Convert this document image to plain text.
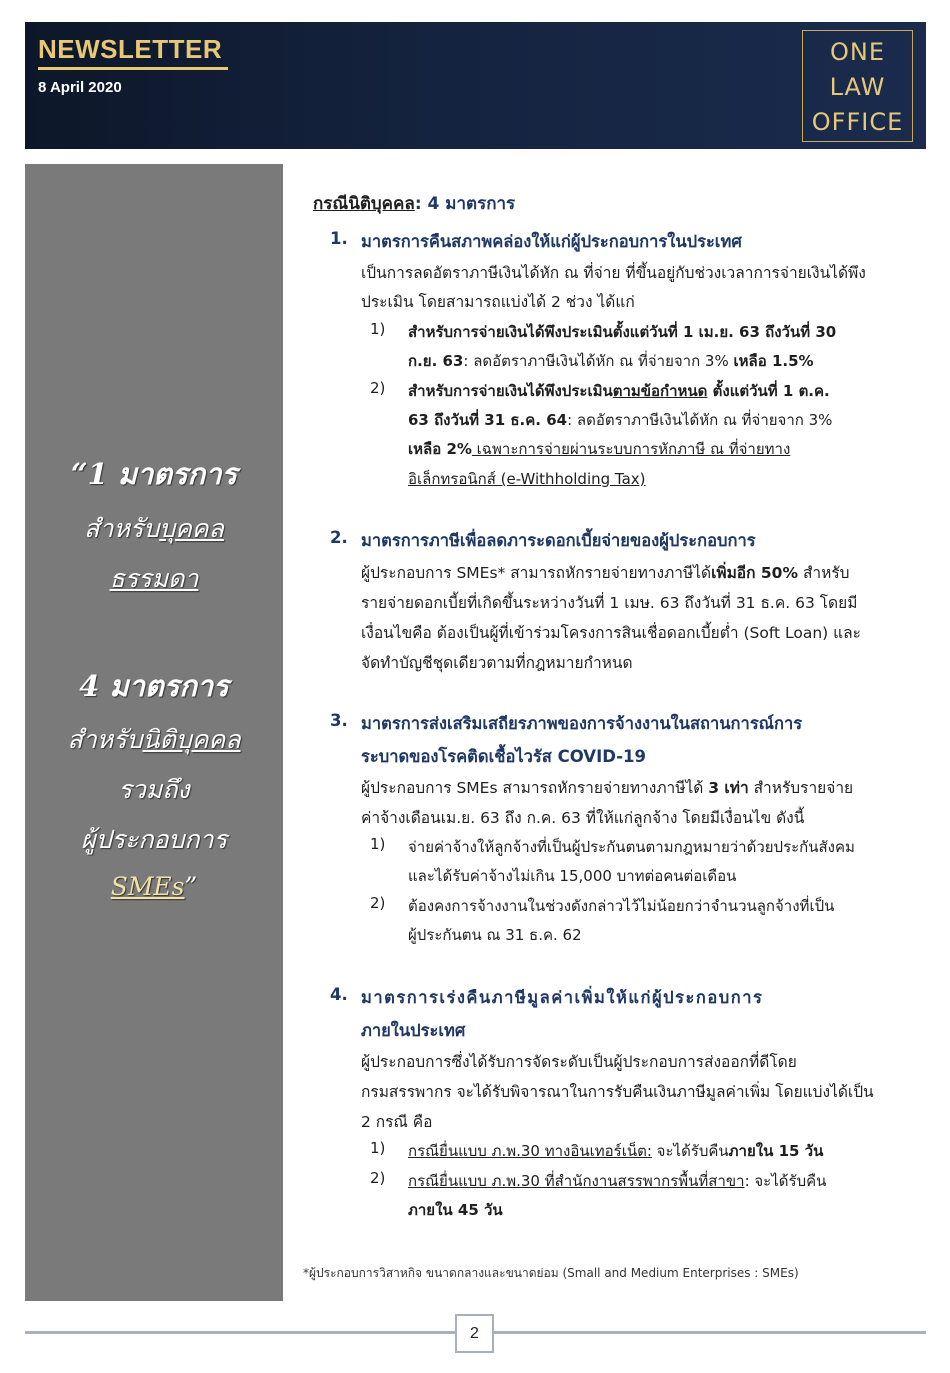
NEWSLETTER
8 April 2020
ONE
LAW
OFFICE
“1 มาตรการ
สำหรับบุคคล
ธรรมดา
4 มาตรการ
สำหรับนิติบุคคล
รวมถึง
ผู้ประกอบการ
SMEs”
กรณีนิติบุคคล: 4 มาตรการ
1. มาตรการคืนสภาพคล่องให้แก่ผู้ประกอบการในประเทศ
เป็นการลดอัตราภาษีเงินได้หัก ณ ที่จ่าย ที่ขึ้นอยู่กับช่วงเวลาการจ่ายเงินได้พึง
ประเมิน โดยสามารถแบ่งได้ 2 ช่วง ได้แก่
1) สำหรับการจ่ายเงินได้พึงประเมินตั้งแต่วันที่ 1 เม.ย. 63 ถึงวันที่ 30
ก.ย. 63: ลดอัตราภาษีเงินได้หัก ณ ที่จ่ายจาก 3% เหลือ 1.5%
2) สำหรับการจ่ายเงินได้พึงประเมินตามข้อกำหนด ตั้งแต่วันที่ 1 ต.ค.
63 ถึงวันที่ 31 ธ.ค. 64: ลดอัตราภาษีเงินได้หัก ณ ที่จ่ายจาก 3%
เหลือ 2% เฉพาะการจ่ายผ่านระบบการหักภาษี ณ ที่จ่ายทาง
อิเล็กทรอนิกส์ (e-Withholding Tax)
2. มาตรการภาษีเพื่อลดภาระดอกเบี้ยจ่ายของผู้ประกอบการ
ผู้ประกอบการ SMEs* สามารถหักรายจ่ายทางภาษีได้เพิ่มอีก 50% สำหรับ
รายจ่ายดอกเบี้ยที่เกิดขึ้นระหว่างวันที่ 1 เมษ. 63 ถึงวันที่ 31 ธ.ค. 63 โดยมี
เงื่อนไขคือ ต้องเป็นผู้ที่เข้าร่วมโครงการสินเชื่อดอกเบี้ยต่ำ (Soft Loan) และ
จัดทำบัญชีชุดเดียวตามที่กฎหมายกำหนด
3. มาตรการส่งเสริมเสถียรภาพของการจ้างงานในสถานการณ์การ
ระบาดของโรคติดเชื้อไวรัส COVID-19
ผู้ประกอบการ SMEs สามารถหักรายจ่ายทางภาษีได้ 3 เท่า สำหรับรายจ่าย
ค่าจ้างเดือนเม.ย. 63 ถึง ก.ค. 63 ที่ให้แก่ลูกจ้าง โดยมีเงื่อนไข ดังนี้
1) จ่ายค่าจ้างให้ลูกจ้างที่เป็นผู้ประกันตนตามกฎหมายว่าด้วยประกันสังคม
และได้รับค่าจ้างไม่เกิน 15,000 บาทต่อคนต่อเดือน
2) ต้องคงการจ้างงานในช่วงดังกล่าวไว้ไม่น้อยกว่าจำนวนลูกจ้างที่เป็น
ผู้ประกันตน ณ 31 ธ.ค. 62
4. มาตรการเร่งคืนภาษีมูลค่าเพิ่มให้แก่ผู้ประกอบการ
ภายในประเทศ
ผู้ประกอบการซึ่งได้รับการจัดระดับเป็นผู้ประกอบการส่งออกที่ดีโดย
กรมสรรพากร จะได้รับพิจารณาในการรับคืนเงินภาษีมูลค่าเพิ่ม โดยแบ่งได้เป็น
2 กรณี คือ
1) กรณียื่นแบบ ภ.พ.30 ทางอินเทอร์เน็ต: จะได้รับคืนภายใน 15 วัน
2) กรณียื่นแบบ ภ.พ.30 ที่สำนักงานสรรพากรพื้นที่สาขา: จะได้รับคืน
ภายใน 45 วัน
*ผู้ประกอบการวิสาหกิจ ขนาดกลางและขนาดย่อม (Small and Medium Enterprises : SMEs)
2
